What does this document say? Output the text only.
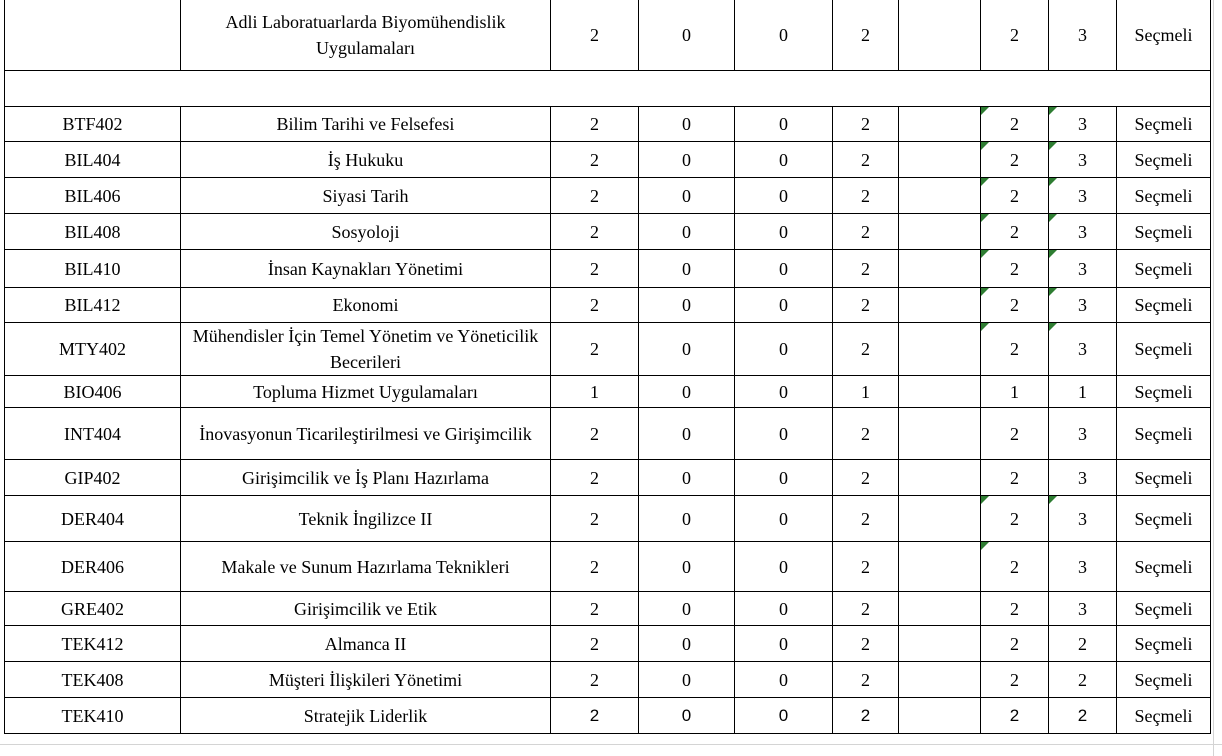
	Adli Laboratuarlarda Biyomühendislik Uygulamaları	2	0	0	2		2	3	Seçmeli

BTF402	Bilim Tarihi ve Felsefesi	2	0	0	2		2	3	Seçmeli
BIL404	İş Hukuku	2	0	0	2		2	3	Seçmeli
BIL406	Siyasi Tarih	2	0	0	2		2	3	Seçmeli
BIL408	Sosyoloji	2	0	0	2		2	3	Seçmeli
BIL410	İnsan Kaynakları Yönetimi	2	0	0	2		2	3	Seçmeli
BIL412	Ekonomi	2	0	0	2		2	3	Seçmeli
MTY402	Mühendisler İçin Temel Yönetim ve Yöneticilik Becerileri	2	0	0	2		2	3	Seçmeli
BIO406	Topluma Hizmet Uygulamaları	1	0	0	1		1	1	Seçmeli
INT404	İnovasyonun Ticarileştirilmesi ve Girişimcilik	2	0	0	2		2	3	Seçmeli
GIP402	Girişimcilik ve İş Planı Hazırlama	2	0	0	2		2	3	Seçmeli
DER404	Teknik İngilizce II	2	0	0	2		2	3	Seçmeli
DER406	Makale ve Sunum Hazırlama Teknikleri	2	0	0	2		2	3	Seçmeli
GRE402	Girişimcilik ve Etik	2	0	0	2		2	3	Seçmeli
TEK412	Almanca II	2	0	0	2		2	2	Seçmeli
TEK408	Müşteri İlişkileri Yönetimi	2	0	0	2		2	2	Seçmeli
TEK410	Stratejik Liderlik	2	0	0	2		2	2	Seçmeli
